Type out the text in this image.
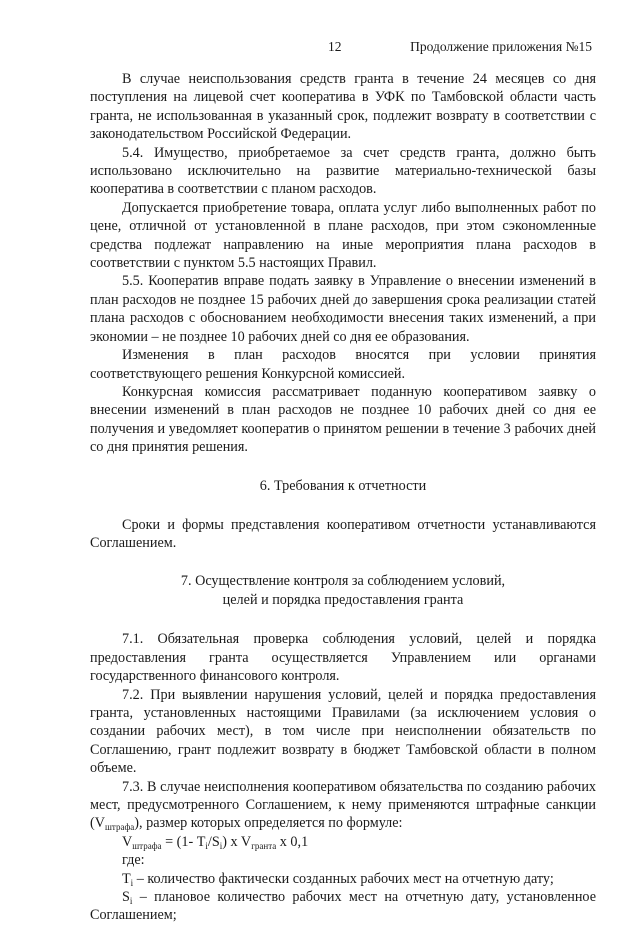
12	Продолжение приложения №15

В случае неиспользования средств гранта в течение 24 месяцев со дня поступления на лицевой счет кооператива в УФК по Тамбовской области часть гранта, не использованная в указанный срок, подлежит возврату в соответствии с законодательством Российской Федерации.

5.4. Имущество, приобретаемое за счет средств гранта, должно быть использовано исключительно на развитие материально-технической базы кооператива в соответствии с планом расходов.

Допускается приобретение товара, оплата услуг либо выполненных работ по цене, отличной от установленной в плане расходов, при этом сэкономленные средства подлежат направлению на иные мероприятия плана расходов в соответствии с пунктом 5.5 настоящих Правил.

5.5. Кооператив вправе подать заявку в Управление о внесении изменений в план расходов не позднее 15 рабочих дней до завершения срока реализации статей плана расходов с обоснованием необходимости внесения таких изменений, а при экономии – не позднее 10 рабочих дней со дня ее образования.

Изменения в план расходов вносятся при условии принятия соответствующего решения Конкурсной комиссией.

Конкурсная комиссия рассматривает поданную кооперативом заявку о внесении изменений в план расходов не позднее 10 рабочих дней со дня ее получения и уведомляет кооператив о принятом решении в течение 3 рабочих дней со дня принятия решения.

6. Требования к отчетности

Сроки и формы представления кооперативом отчетности устанавливаются Соглашением.

7. Осуществление контроля за соблюдением условий,
целей и порядка предоставления гранта

7.1. Обязательная проверка соблюдения условий, целей и порядка предоставления гранта осуществляется Управлением или органами государственного финансового контроля.

7.2. При выявлении нарушения условий, целей и порядка предоставления гранта, установленных настоящими Правилами (за исключением условия о создании рабочих мест), в том числе при неисполнении обязательств по Соглашению, грант подлежит возврату в бюджет Тамбовской области в полном объеме.

7.3. В случае неисполнения кооперативом обязательства по созданию рабочих мест, предусмотренного Соглашением, к нему применяются штрафные санкции $(V_{штрафа})$, размер которых определяется по формуле:

$V_{штрафа} = (1-$ $T_i/S_i$) x $V_{гранта}$ x 0,1

где:

$T_i$ – количество фактически созданных рабочих мест на отчетную дату;

$S_i$ – плановое количество рабочих мест на отчетную дату, установленное Соглашением;
